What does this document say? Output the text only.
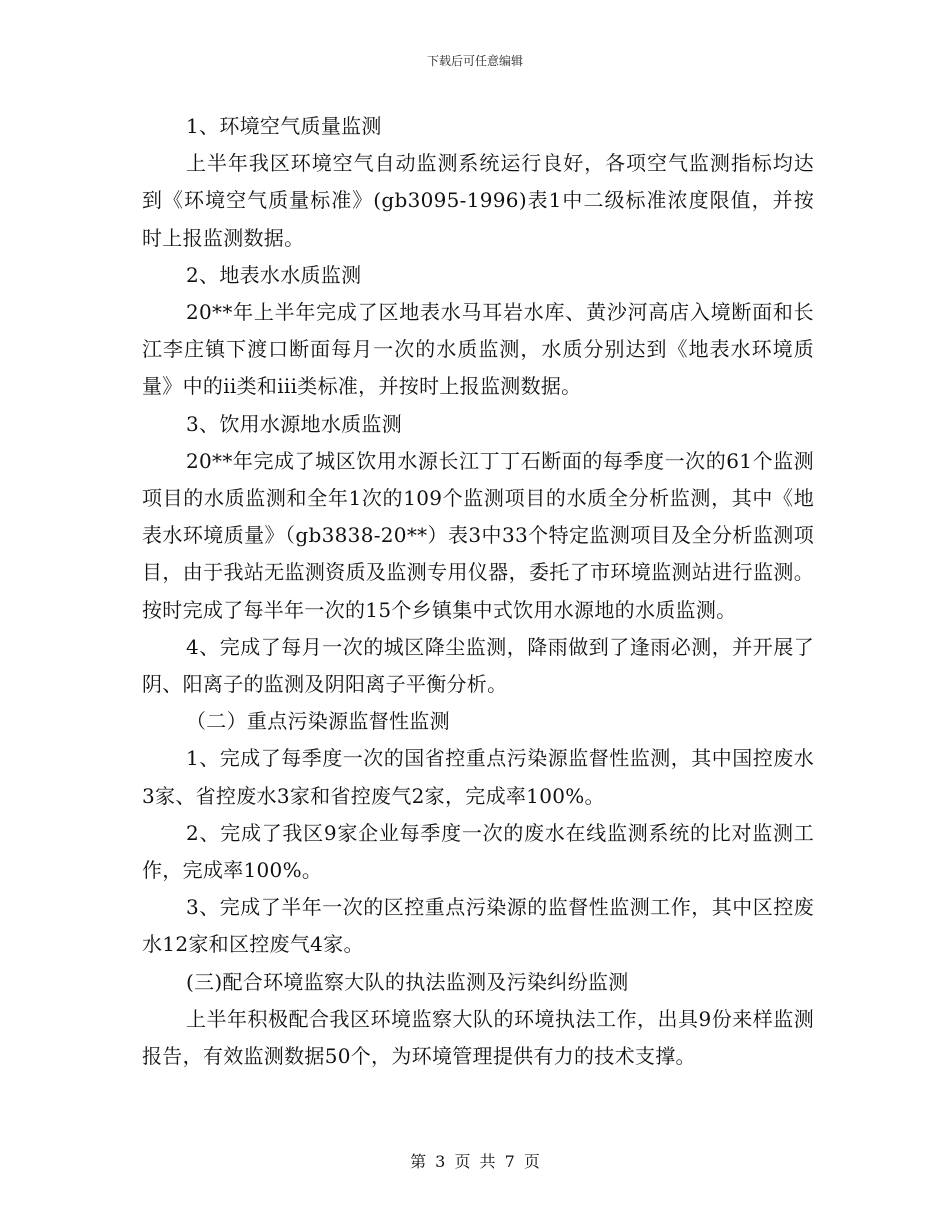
下载后可任意编辑

1、环境空气质量监测

上半年我区环境空气自动监测系统运行良好，各项空气监测指标均达到《环境空气质量标准》(gb3095-1996)表1中二级标准浓度限值，并按时上报监测数据。

2、地表水水质监测

20**年上半年完成了区地表水马耳岩水库、黄沙河高店入境断面和长江李庄镇下渡口断面每月一次的水质监测，水质分别达到《地表水环境质量》中的ii类和iii类标准，并按时上报监测数据。

3、饮用水源地水质监测

20**年完成了城区饮用水源长江丁丁石断面的每季度一次的61个监测项目的水质监测和全年1次的109个监测项目的水质全分析监测，其中《地表水环境质量》（gb3838-20**）表3中33个特定监测项目及全分析监测项目，由于我站无监测资质及监测专用仪器，委托了市环境监测站进行监测。按时完成了每半年一次的15个乡镇集中式饮用水源地的水质监测。

4、完成了每月一次的城区降尘监测，降雨做到了逢雨必测，并开展了阴、阳离子的监测及阴阳离子平衡分析。

（二）重点污染源监督性监测

1、完成了每季度一次的国省控重点污染源监督性监测，其中国控废水3家、省控废水3家和省控废气2家，完成率100%。

2、完成了我区9家企业每季度一次的废水在线监测系统的比对监测工作，完成率100%。

3、完成了半年一次的区控重点污染源的监督性监测工作，其中区控废水12家和区控废气4家。

(三)配合环境监察大队的执法监测及污染纠纷监测

上半年积极配合我区环境监察大队的环境执法工作，出具9份来样监测报告，有效监测数据50个，为环境管理提供有力的技术支撑。

第 3 页 共 7 页
